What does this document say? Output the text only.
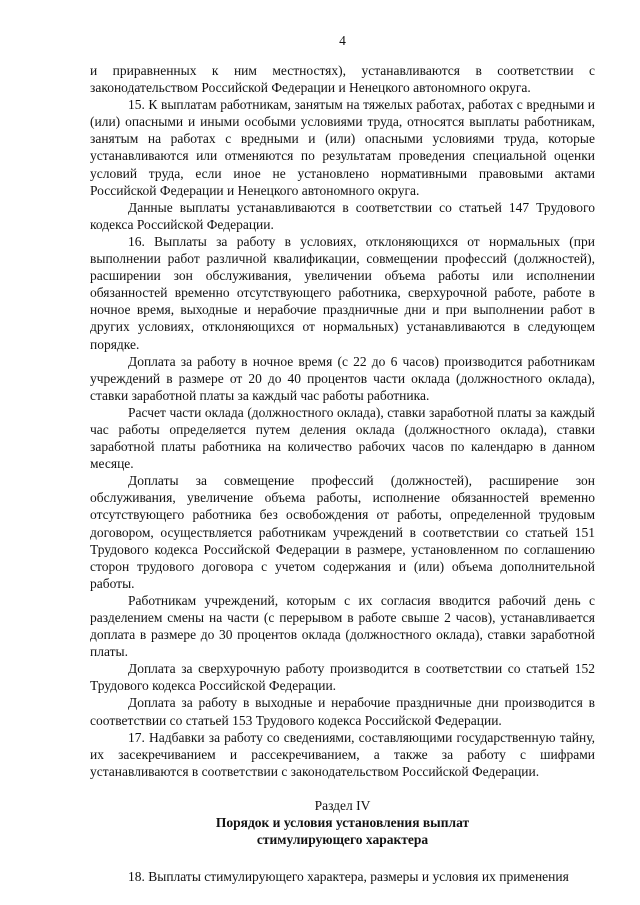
4

и приравненных к ним местностях), устанавливаются в соответствии с законодательством Российской Федерации и Ненецкого автономного округа.

15. К выплатам работникам, занятым на тяжелых работах, работах с вредными и (или) опасными и иными особыми условиями труда, относятся выплаты работникам, занятым на работах с вредными и (или) опасными условиями труда, которые устанавливаются или отменяются по результатам проведения специальной оценки условий труда, если иное не установлено нормативными правовыми актами Российской Федерации и Ненецкого автономного округа.

Данные выплаты устанавливаются в соответствии со статьей 147 Трудового кодекса Российской Федерации.

16. Выплаты за работу в условиях, отклоняющихся от нормальных (при выполнении работ различной квалификации, совмещении профессий (должностей), расширении зон обслуживания, увеличении объема работы или исполнении обязанностей временно отсутствующего работника, сверхурочной работе, работе в ночное время, выходные и нерабочие праздничные дни и при выполнении работ в других условиях, отклоняющихся от нормальных) устанавливаются в следующем порядке.

Доплата за работу в ночное время (с 22 до 6 часов) производится работникам учреждений в размере от 20 до 40 процентов части оклада (должностного оклада), ставки заработной платы за каждый час работы работника.

Расчет части оклада (должностного оклада), ставки заработной платы за каждый час работы определяется путем деления оклада (должностного оклада), ставки заработной платы работника на количество рабочих часов по календарю в данном месяце.

Доплаты за совмещение профессий (должностей), расширение зон обслуживания, увеличение объема работы, исполнение обязанностей временно отсутствующего работника без освобождения от работы, определенной трудовым договором, осуществляется работникам учреждений в соответствии со статьей 151 Трудового кодекса Российской Федерации в размере, установленном по соглашению сторон трудового договора с учетом содержания и (или) объема дополнительной работы.

Работникам учреждений, которым с их согласия вводится рабочий день с разделением смены на части (с перерывом в работе свыше 2 часов), устанавливается доплата в размере до 30 процентов оклада (должностного оклада), ставки заработной платы.

Доплата за сверхурочную работу производится в соответствии со статьей 152 Трудового кодекса Российской Федерации.

Доплата за работу в выходные и нерабочие праздничные дни производится в соответствии со статьей 153 Трудового кодекса Российской Федерации.

17. Надбавки за работу со сведениями, составляющими государственную тайну, их засекречиванием и рассекречиванием, а также за работу с шифрами устанавливаются в соответствии с законодательством Российской Федерации.

Раздел IV

Порядок и условия установления выплат

стимулирующего характера

18. Выплаты стимулирующего характера, размеры и условия их применения
